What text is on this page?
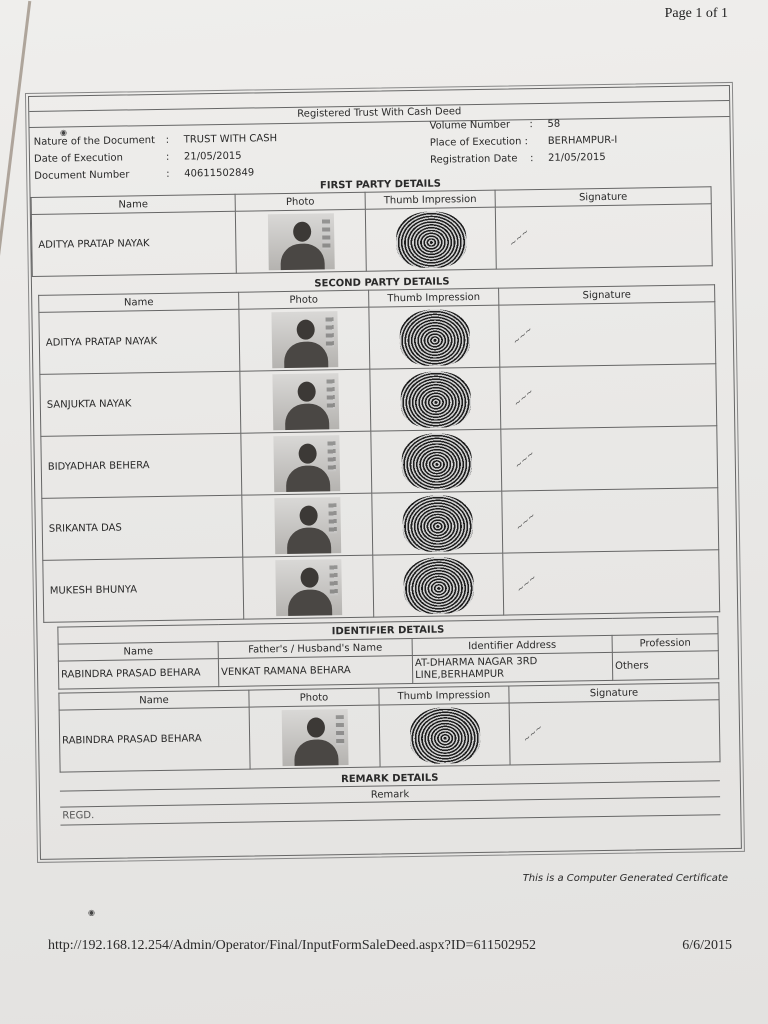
Page 1 of 1
Registered Trust With Cash Deed
Nature of the Document	:	TRUST WITH CASH
Date of Execution	:	21/05/2015
Document Number	:	40611502849
Volume Number	:	58
Place of Execution :	BERHAMPUR-I
Registration Date	:	21/05/2015
FIRST PARTY DETAILS
Name	Photo	Thumb Impression	Signature
ADITYA PRATAP NAYAK			~~~
SECOND PARTY DETAILS
Name	Photo	Thumb Impression	Signature
ADITYA PRATAP NAYAK			~~~
SANJUKTA NAYAK			~~~
BIDYADHAR BEHERA			~~~
SRIKANTA DAS			~~~
MUKESH BHUNYA			~~~
IDENTIFIER DETAILS			
Name	Father's / Husband's Name	Identifier Address	Profession
RABINDRA PRASAD BEHARA	VENKAT RAMANA BEHARA	AT-DHARMA NAGAR 3RD LINE,BERHAMPUR	Others
Name	Photo	Thumb Impression	Signature
RABINDRA PRASAD BEHARA			~~~
REMARK DETAILS
Remark
REGD.
This is a Computer Generated Certificate
http://192.168.12.254/Admin/Operator/Final/InputFormSaleDeed.aspx?ID=611502952	6/6/2015
◉
◉
